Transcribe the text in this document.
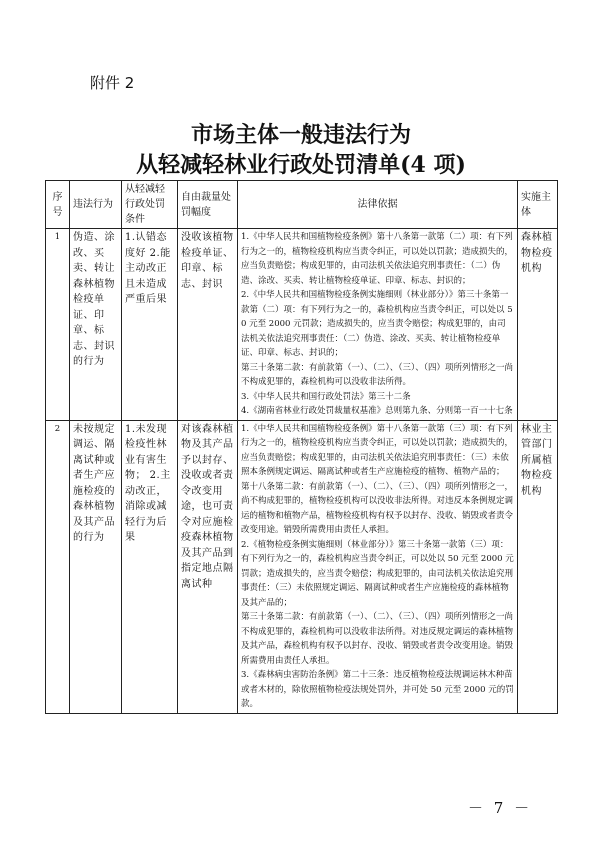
附件 2
市场主体一般违法行为
从轻减轻林业行政处罚清单(4 项)
序号	违法行为	从轻减轻行政处罚条件	自由裁量处罚幅度	法律依据	实施主体
1	伪造、涂改、买卖、转让森林植物检疫单证、印章、标志、封识的行为	1.认错态度好 2.能主动改正且未造成严重后果	没收该植物检疫单证、印章、标志、封识	1.《中华人民共和国植物检疫条例》第十八条第一款第（二）项：有下列行为之一的，植物检疫机构应当责令纠正，可以处以罚款；造成损失的，应当负责赔偿；构成犯罪的，由司法机关依法追究刑事责任：（二）伪造、涂改、买卖、转让植物检疫单证、印章、标志、封识的；

2.《中华人民共和国植物检疫条例实施细则（林业部分）》第三十条第一款第（二）项：有下列行为之一的，森检机构应当责令纠正，可以处以 50 元至 2000 元罚款；造成损失的，应当责令赔偿；构成犯罪的，由司法机关依法追究刑事责任：（二）伪造、涂改、买卖、转让植物检疫单证、印章、标志、封识的；

第三十条第二款：有前款第（一）、（二）、（三）、（四）项所列情形之一尚不构成犯罪的，森检机构可以没收非法所得。

3.《中华人民共和国行政处罚法》第三十二条

4.《湖南省林业行政处罚裁量权基准》总则第九条、分则第一百一十七条	森林植物检疫机构
2	未按规定调运、隔离试种或者生产应施检疫的森林植物及其产品的行为	1.未发现检疫性林业有害生物； 2.主动改正，消除或减轻行为后果	对该森林植物及其产品予以封存、没收或者责令改变用途，也可责令对应施检疫森林植物及其产品到指定地点隔离试种	1.《中华人民共和国植物检疫条例》第十八条第一款第（三）项：有下列行为之一的，植物检疫机构应当责令纠正，可以处以罚款；造成损失的，应当负责赔偿；构成犯罪的，由司法机关依法追究刑事责任：（三）未依照本条例规定调运、隔离试种或者生产应施检疫的植物、植物产品的；

第十八条第二款：有前款第（一）、（二）、（三）、（四）项所列情形之一，尚不构成犯罪的，植物检疫机构可以没收非法所得。对违反本条例规定调运的植物和植物产品，植物检疫机构有权予以封存、没收、销毁或者责令改变用途。销毁所需费用由责任人承担。

2.《植物检疫条例实施细则（林业部分）》第三十条第一款第（三）项：有下列行为之一的，森检机构应当责令纠正，可以处以 50 元至 2000 元罚款；造成损失的，应当责令赔偿；构成犯罪的，由司法机关依法追究刑事责任：（三）未依照规定调运、隔离试种或者生产应施检疫的森林植物及其产品的；

第三十条第二款：有前款第（一）、（二）、（三）、（四）项所列情形之一尚不构成犯罪的，森检机构可以没收非法所得。对违反规定调运的森林植物及其产品，森检机构有权予以封存、没收、销毁或者责令改变用途。销毁所需费用由责任人承担。

3.《森林病虫害防治条例》第二十三条：违反植物检疫法规调运林木种苗或者木材的，除依照植物检疫法规处罚外，并可处 50 元至 2000 元的罚款。	林业主管部门所属植物检疫机构
－ 7 －
